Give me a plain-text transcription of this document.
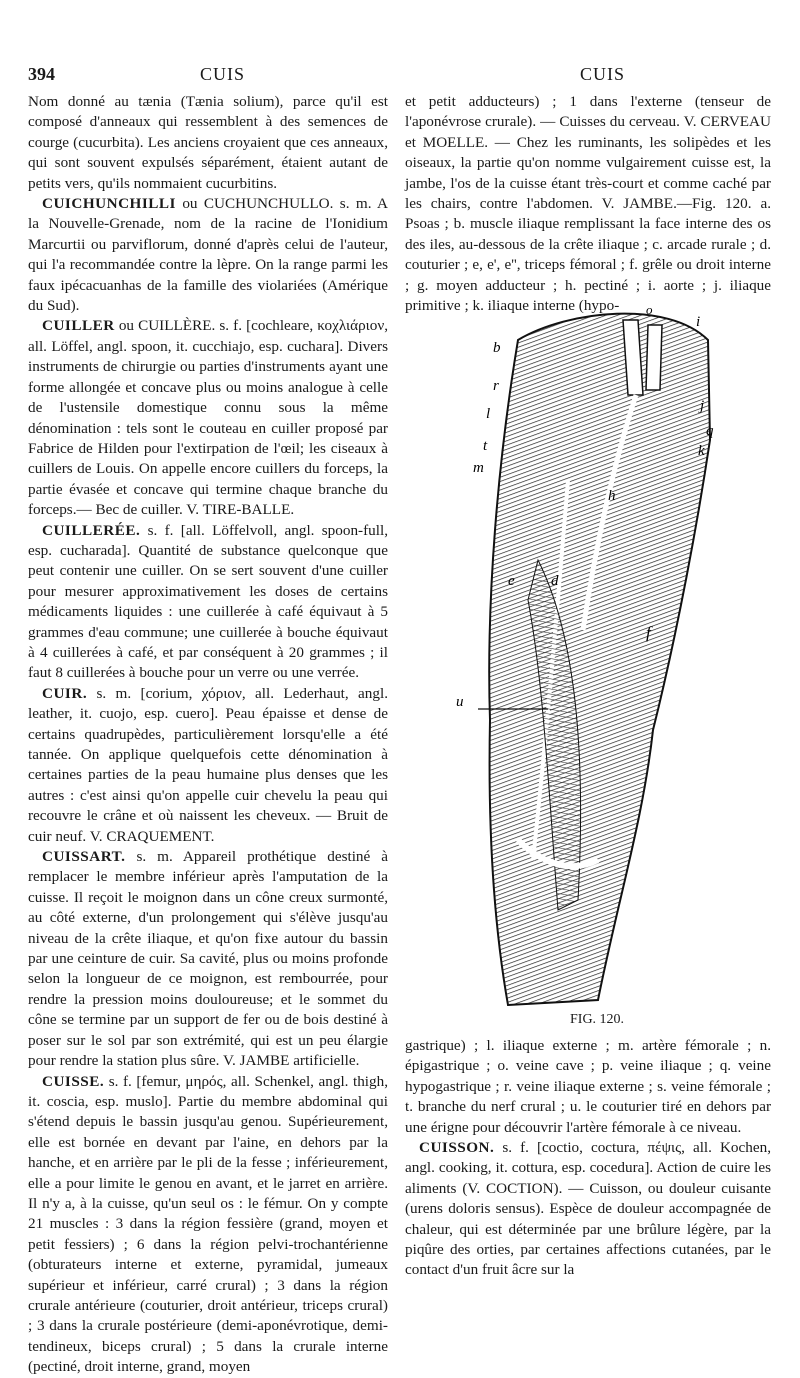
394	CUIS	CUIS

Nom donné au tænia (Tænia solium), parce qu'il est composé d'anneaux qui ressemblent à des semences de courge (cucurbita). Les anciens croyaient que ces anneaux, qui sont souvent expulsés séparément, étaient autant de petits vers, qu'ils nommaient cucurbitins.

CUICHUNCHILLI ou CUCHUNCHULLO. s. m. A la Nouvelle-Grenade, nom de la racine de l'Ionidium Marcurtii ou parviflorum, donné d'après celui de l'auteur, qui l'a recommandée contre la lèpre. On la range parmi les faux ipécacuanhas de la famille des violariées (Amérique du Sud).

CUILLER ou CUILLÈRE. s. f. [cochleare, κοχλιάριον, all. Löffel, angl. spoon, it. cucchiajo, esp. cuchara]. Divers instruments de chirurgie ou parties d'instruments ayant une forme allongée et concave plus ou moins analogue à celle de l'ustensile domestique connu sous la même dénomination : tels sont le couteau en cuiller proposé par Fabrice de Hilden pour l'extirpation de l'œil; les ciseaux à cuillers de Louis. On appelle encore cuillers du forceps, la partie évasée et concave qui termine chaque branche du forceps.— Bec de cuiller. V. TIRE-BALLE.

CUILLERÉE. s. f. [all. Löffelvoll, angl. spoon-full, esp. cucharada]. Quantité de substance quelconque que peut contenir une cuiller. On se sert souvent d'une cuiller pour mesurer approximativement les doses de certains médicaments liquides : une cuillerée à café équivaut à 5 grammes d'eau commune; une cuillerée à bouche équivaut à 4 cuillerées à café, et par conséquent à 20 grammes ; il faut 8 cuillerées à bouche pour un verre ou une verrée.

CUIR. s. m. [corium, χόριον, all. Lederhaut, angl. leather, it. cuojo, esp. cuero]. Peau épaisse et dense de certains quadrupèdes, particulièrement lorsqu'elle a été tannée. On applique quelquefois cette dénomination à certaines parties de la peau humaine plus denses que les autres : c'est ainsi qu'on appelle cuir chevelu la peau qui recouvre le crâne et où naissent les cheveux. — Bruit de cuir neuf. V. CRAQUEMENT.

CUISSART. s. m. Appareil prothétique destiné à remplacer le membre inférieur après l'amputation de la cuisse. Il reçoit le moignon dans un cône creux surmonté, au côté externe, d'un prolongement qui s'élève jusqu'au niveau de la crête iliaque, et qu'on fixe autour du bassin par une ceinture de cuir. Sa cavité, plus ou moins profonde selon la longueur de ce moignon, est rembourrée, pour rendre la pression moins douloureuse; et le sommet du cône se termine par un support de fer ou de bois destiné à poser sur le sol par son extrémité, qui est un peu élargie pour rendre la station plus sûre. V. JAMBE artificielle.

CUISSE. s. f. [femur, μηρός, all. Schenkel, angl. thigh, it. coscia, esp. muslo]. Partie du membre abdominal qui s'étend depuis le bassin jusqu'au genou. Supérieurement, elle est bornée en devant par l'aine, en dehors par la hanche, et en arrière par le pli de la fesse ; inférieurement, elle a pour limite le genou en avant, et le jarret en arrière. Il n'y a, à la cuisse, qu'un seul os : le fémur. On y compte 21 muscles : 3 dans la région fessière (grand, moyen et petit fessiers) ; 6 dans la région pelvi-trochantérienne (obturateurs interne et externe, pyramidal, jumeaux supérieur et inférieur, carré crural) ; 3 dans la région crurale antérieure (couturier, droit antérieur, triceps crural) ; 3 dans la crurale postérieure (demi-aponévrotique, demi-tendineux, biceps crural) ; 5 dans la crurale interne (pectiné, droit interne, grand, moyen

et petit adducteurs) ; 1 dans l'externe (tenseur de l'aponévrose crurale). — Cuisses du cerveau. V. CERVEAU et MOELLE. — Chez les ruminants, les solipèdes et les oiseaux, la partie qu'on nomme vulgairement cuisse est, la jambe, l'os de la cuisse étant très-court et comme caché par les chairs, contre l'abdomen. V. JAMBE.—Fig. 120. a. Psoas ; b. muscle iliaque remplissant la face interne des os des iles, au-dessous de la crête iliaque ; c. arcade rurale ; d. couturier ; e, e', e'', triceps fémoral ; f. grêle ou droit interne ; g. moyen adducteur ; h. pectiné ; i. aorte ; j. iliaque primitive ; k. iliaque interne (hypo-

b
r
l
t
m
o
i
j
q
k
h
e d
f
u
FIG. 120.

gastrique) ; l. iliaque externe ; m. artère fémorale ; n. épigastrique ; o. veine cave ; p. veine iliaque ; q. veine hypogastrique ; r. veine iliaque externe ; s. veine fémorale ; t. branche du nerf crural ; u. le couturier tiré en dehors par une érigne pour découvrir l'artère fémorale à ce niveau.

CUISSON. s. f. [coctio, coctura, πέψις, all. Kochen, angl. cooking, it. cottura, esp. cocedura]. Action de cuire les aliments (V. COCTION). — Cuisson, ou douleur cuisante (urens doloris sensus). Espèce de douleur accompagnée de chaleur, qui est déterminée par une brûlure légère, par la piqûre des orties, par certaines affections cutanées, par le contact d'un fruit âcre sur la
